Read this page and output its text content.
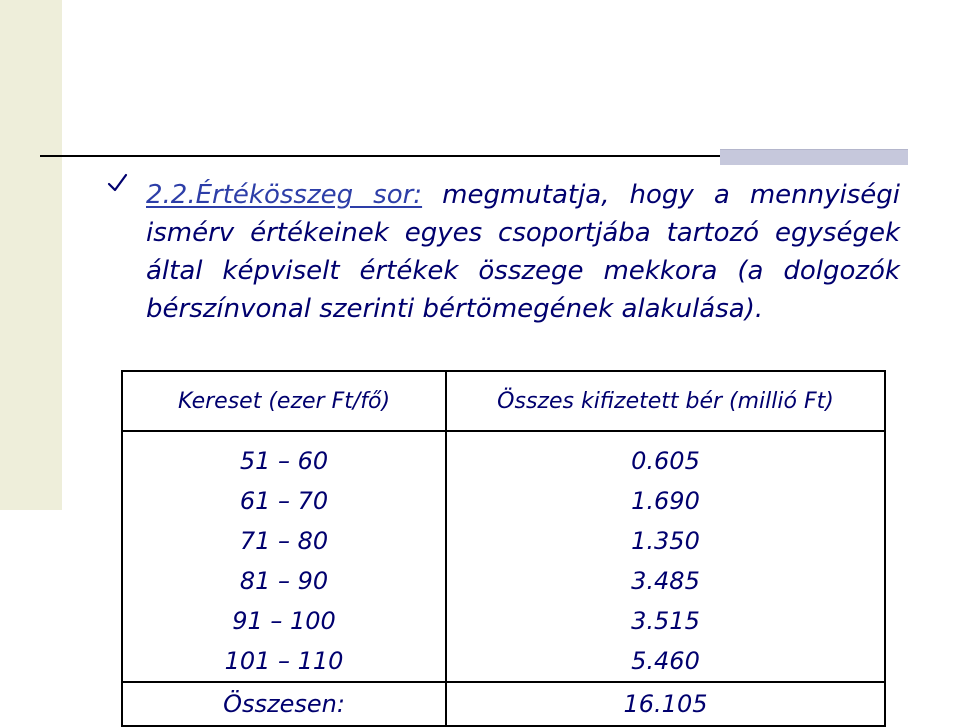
2.2.Értékösszeg sor: megmutatja, hogy a mennyiségi ismérv értékeinek egyes csoportjába tartozó egységek által képviselt értékek összege mekkora (a dolgozók bérszínvonal szerinti bértömegének alakulása).

Kereset (ezer Ft/fő)	Összes kifizetett bér (millió Ft)
51 – 60	0.605
61 – 70	1.690
71 – 80	1.350
81 – 90	3.485
91 – 100	3.515
101 – 110	5.460
Összesen:	16.105
